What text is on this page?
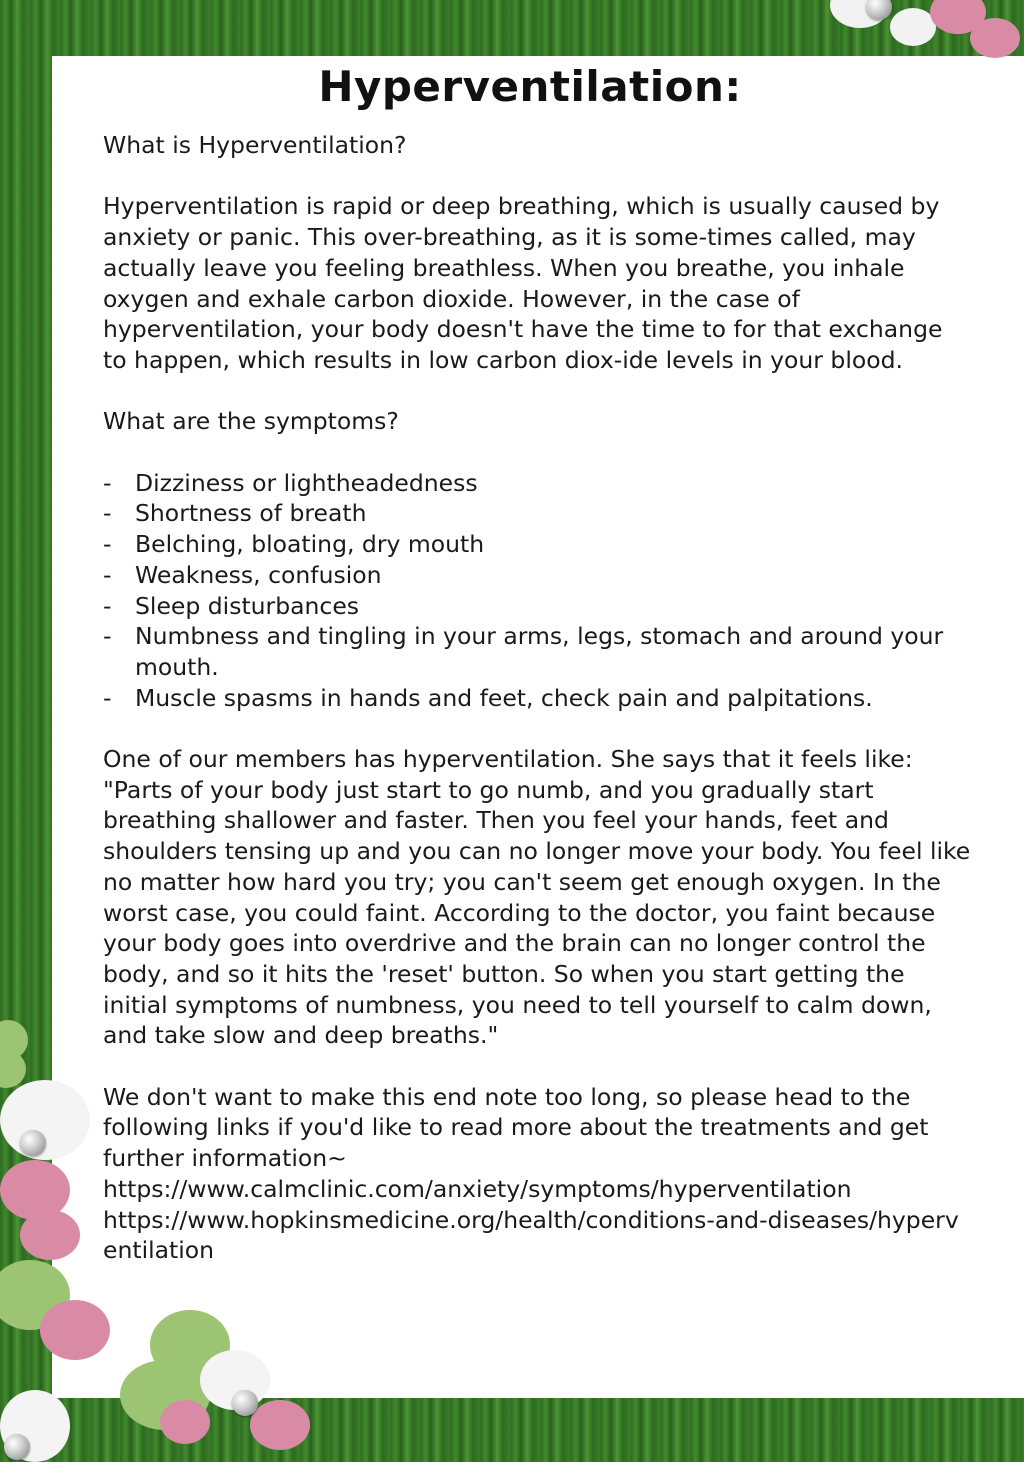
Hyperventilation:

What is Hyperventilation?

Hyperventilation is rapid or deep breathing, which is usually caused by anxiety or panic. This over-breathing, as it is some-times called, may actually leave you feeling breathless. When you breathe, you inhale oxygen and exhale carbon dioxide. However, in the case of hyperventilation, your body doesn't have the time to for that exchange to happen, which results in low carbon diox-ide levels in your blood.

What are the symptoms?

- Dizziness or lightheadedness
- Shortness of breath
- Belching, bloating, dry mouth
- Weakness, confusion
- Sleep disturbances
- Numbness and tingling in your arms, legs, stomach and around your mouth.
- Muscle spasms in hands and feet, check pain and palpitations.

One of our members has hyperventilation. She says that it feels like: "Parts of your body just start to go numb, and you gradually start breathing shallower and faster. Then you feel your hands, feet and shoulders tensing up and you can no longer move your body. You feel like no matter how hard you try; you can't seem get enough oxygen. In the worst case, you could faint. According to the doctor, you faint because your body goes into overdrive and the brain can no longer control the body, and so it hits the 'reset' button. So when you start getting the initial symptoms of numbness, you need to tell yourself to calm down, and take slow and deep breaths."

We don't want to make this end note too long, so please head to the following links if you'd like to read more about the treatments and get further information~

https://www.calmclinic.com/anxiety/symptoms/hyperventilation
https://www.hopkinsmedicine.org/health/conditions-and-diseases/hyperventilation
